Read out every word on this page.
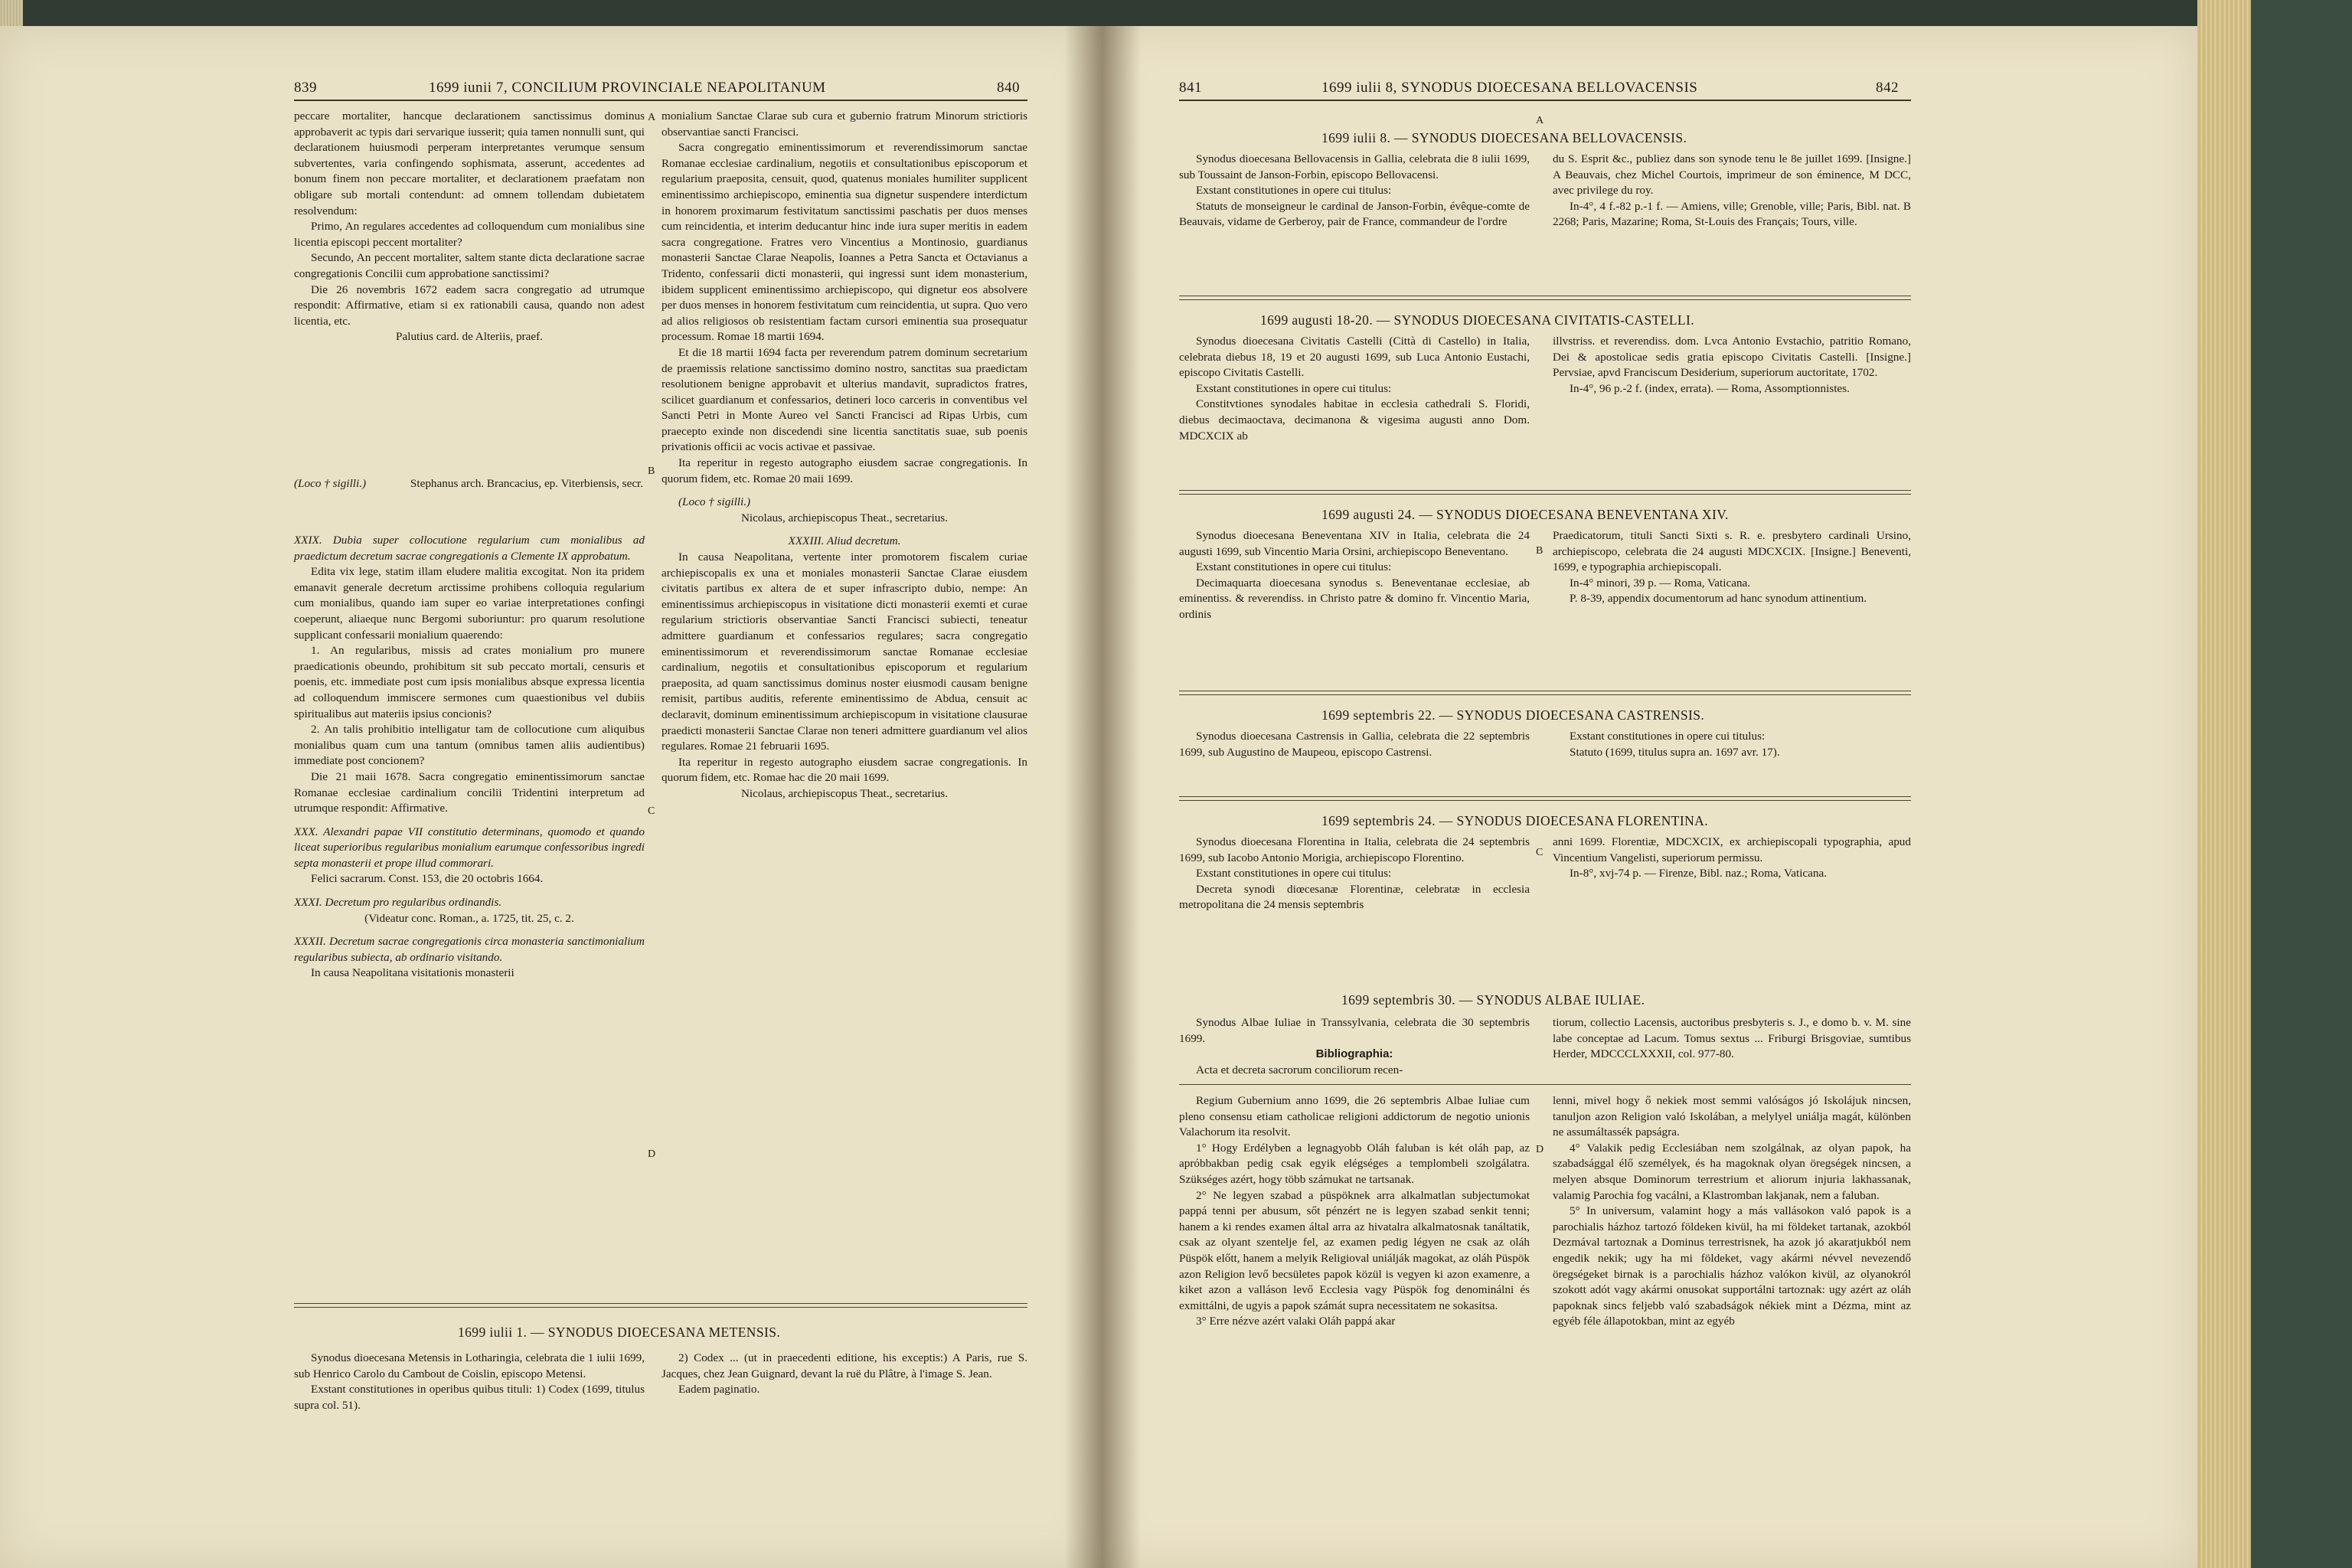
839	1699 iunii 7, CONCILIUM PROVINCIALE NEAPOLITANUM	840

peccare mortaliter, hancque declarationem sanctissimus dominus approbaverit ac typis dari servarique iusserit; quia tamen nonnulli sunt, qui declarationem huiusmodi perperam interpretantes verumque sensum subvertentes, varia confingendo sophismata, asserunt, accedentes ad bonum finem non peccare mortaliter, et declarationem praefatam non obligare sub mortali contendunt: ad omnem tollendam dubietatem resolvendum:

Primo, An regulares accedentes ad colloquendum cum monialibus sine licentia episcopi peccent mortaliter?

Secundo, An peccent mortaliter, saltem stante dicta declaratione sacrae congregationis Concilii cum approbatione sanctissimi?

Die 26 novembris 1672 eadem sacra congregatio ad utrumque respondit: Affirmative, etiam si ex rationabili causa, quando non adest licentia, etc.

Palutius card. de Alteriis, praef.

(Loco † sigilli.)	Stephanus arch. Brancacius, ep. Viterbiensis, secr.

XXIX. Dubia super collocutione regularium cum monialibus ad praedictum decretum sacrae congregationis a Clemente IX approbatum.

Edita vix lege, statim illam eludere malitia excogitat. Non ita pridem emanavit generale decretum arctissime prohibens colloquia regularium cum monialibus, quando iam super eo variae interpretationes confingi coeperunt, aliaeque nunc Bergomi suboriuntur: pro quarum resolutione supplicant confessarii monialium quaerendo:

1. An regularibus, missis ad crates monialium pro munere praedicationis obeundo, prohibitum sit sub peccato mortali, censuris et poenis, etc. immediate post cum ipsis monialibus absque expressa licentia ad colloquendum immiscere sermones cum quaestionibus vel dubiis spiritualibus aut materiis ipsius concionis?

2. An talis prohibitio intelligatur tam de collocutione cum aliquibus monialibus quam cum una tantum (omnibus tamen aliis audientibus) immediate post concionem?

Die 21 maii 1678. Sacra congregatio eminentissimorum sanctae Romanae ecclesiae cardinalium concilii Tridentini interpretum ad utrumque respondit: Affirmative.

XXX. Alexandri papae VII constitutio determinans, quomodo et quando liceat superioribus regularibus monialium earumque confessoribus ingredi septa monasterii et prope illud commorari.

Felici sacrarum. Const. 153, die 20 octobris 1664.

XXXI. Decretum pro regularibus ordinandis.

(Videatur conc. Roman., a. 1725, tit. 25, c. 2.

XXXII. Decretum sacrae congregationis circa monasteria sanctimonialium regularibus subiecta, ab ordinario visitando.

In causa Neapolitana visitationis monasterii

monialium Sanctae Clarae sub cura et gubernio fratrum Minorum strictioris observantiae sancti Francisci.

Sacra congregatio eminentissimorum et reverendissimorum sanctae Romanae ecclesiae cardinalium, negotiis et consultationibus episcoporum et regularium praeposita, censuit, quod, quatenus moniales humiliter supplicent eminentissimo archiepiscopo, eminentia sua dignetur suspendere interdictum in honorem proximarum festivitatum sanctissimi paschatis per duos menses cum reincidentia, et interim deducantur hinc inde iura super meritis in eadem sacra congregatione. Fratres vero Vincentius a Montinosio, guardianus monasterii Sanctae Clarae Neapolis, Ioannes a Petra Sancta et Octavianus a Tridento, confessarii dicti monasterii, qui ingressi sunt idem monasterium, ibidem supplicent eminentissimo archiepiscopo, qui dignetur eos absolvere per duos menses in honorem festivitatum cum reincidentia, ut supra. Quo vero ad alios religiosos ob resistentiam factam cursori eminentia sua prosequatur processum. Romae 18 martii 1694.

Et die 18 martii 1694 facta per reverendum patrem dominum secretarium de praemissis relatione sanctissimo domino nostro, sanctitas sua praedictam resolutionem benigne approbavit et ulterius mandavit, supradictos fratres, scilicet guardianum et confessarios, detineri loco carceris in conventibus vel Sancti Petri in Monte Aureo vel Sancti Francisci ad Ripas Urbis, cum praecepto exinde non discedendi sine licentia sanctitatis suae, sub poenis privationis officii ac vocis activae et passivae.

Ita reperitur in regesto autographo eiusdem sacrae congregationis. In quorum fidem, etc. Romae 20 maii 1699.

(Loco † sigilli.)

Nicolaus, archiepiscopus Theat., secretarius.

XXXIII. Aliud decretum.

In causa Neapolitana, vertente inter promotorem fiscalem curiae archiepiscopalis ex una et moniales monasterii Sanctae Clarae eiusdem civitatis partibus ex altera de et super infrascripto dubio, nempe: An eminentissimus archiepiscopus in visitatione dicti monasterii exemti et curae regularium strictioris observantiae Sancti Francisci subiecti, teneatur admittere guardianum et confessarios regulares; sacra congregatio eminentissimorum et reverendissimorum sanctae Romanae ecclesiae cardinalium, negotiis et consultationibus episcoporum et regularium praeposita, ad quam sanctissimus dominus noster eiusmodi causam benigne remisit, partibus auditis, referente eminentissimo de Abdua, censuit ac declaravit, dominum eminentissimum archiepiscopum in visitatione clausurae praedicti monasterii Sanctae Clarae non teneri admittere guardianum vel alios regulares. Romae 21 februarii 1695.

Ita reperitur in regesto autographo eiusdem sacrae congregationis. In quorum fidem, etc. Romae hac die 20 maii 1699.

Nicolaus, archiepiscopus Theat., secretarius.

A
B
C
D
1699 iulii 1. — SYNODUS DIOECESANA METENSIS.

Synodus dioecesana Metensis in Lotharingia, celebrata die 1 iulii 1699, sub Henrico Carolo du Cambout de Coislin, episcopo Metensi.

Exstant constitutiones in operibus quibus tituli: 1) Codex (1699, titulus supra col. 51).

2) Codex ... (ut in praecedenti editione, his exceptis:) A Paris, rue S. Jacques, chez Jean Guignard, devant la ruë du Plâtre, à l'image S. Jean.

Eadem paginatio.

841	1699 iulii 8, SYNODUS DIOECESANA BELLOVACENSIS	842
1699 iulii 8. — SYNODUS DIOECESANA BELLOVACENSIS.

Synodus dioecesana Bellovacensis in Gallia, celebrata die 8 iulii 1699, sub Toussaint de Janson-Forbin, episcopo Bellovacensi.

Exstant constitutiones in opere cui titulus:

Statuts de monseigneur le cardinal de Janson-Forbin, évêque-comte de Beauvais, vidame de Gerberoy, pair de France, commandeur de l'ordre

du S. Esprit &c., publiez dans son synode tenu le 8e juillet 1699. [Insigne.] A Beauvais, chez Michel Courtois, imprimeur de son éminence, M DCC, avec privilege du roy.

In-4°, 4 f.-82 p.-1 f. — Amiens, ville; Grenoble, ville; Paris, Bibl. nat. B 2268; Paris, Mazarine; Roma, St-Louis des Français; Tours, ville.

1699 augusti 18-20. — SYNODUS DIOECESANA CIVITATIS-CASTELLI.

Synodus dioecesana Civitatis Castelli (Città di Castello) in Italia, celebrata diebus 18, 19 et 20 augusti 1699, sub Luca Antonio Eustachi, episcopo Civitatis Castelli.

Exstant constitutiones in opere cui titulus:

Constitvtiones synodales habitae in ecclesia cathedrali S. Floridi, diebus decimaoctava, decimanona & vigesima augusti anno Dom. MDCXCIX ab

illvstriss. et reverendiss. dom. Lvca Antonio Evstachio, patritio Romano, Dei & apostolicae sedis gratia episcopo Civitatis Castelli. [Insigne.] Pervsiae, apvd Franciscum Desiderium, superiorum auctoritate, 1702.

In-4°, 96 p.-2 f. (index, errata). — Roma, Assomptionnistes.

1699 augusti 24. — SYNODUS DIOECESANA BENEVENTANA XIV.

Synodus dioecesana Beneventana XIV in Italia, celebrata die 24 augusti 1699, sub Vincentio Maria Orsini, archiepiscopo Beneventano.

Exstant constitutiones in opere cui titulus:

Decimaquarta dioecesana synodus s. Beneventanae ecclesiae, ab eminentiss. & reverendiss. in Christo patre & domino fr. Vincentio Maria, ordinis

Praedicatorum, tituli Sancti Sixti s. R. e. presbytero cardinali Ursino, archiepiscopo, celebrata die 24 augusti MDCXCIX. [Insigne.] Beneventi, 1699, e typographia archiepiscopali.

In-4° minori, 39 p. — Roma, Vaticana.

P. 8-39, appendix documentorum ad hanc synodum attinentium.

1699 septembris 22. — SYNODUS DIOECESANA CASTRENSIS.

Synodus dioecesana Castrensis in Gallia, celebrata die 22 septembris 1699, sub Augustino de Maupeou, episcopo Castrensi.

Exstant constitutiones in opere cui titulus:

Statuto (1699, titulus supra an. 1697 avr. 17).

1699 septembris 24. — SYNODUS DIOECESANA FLORENTINA.

Synodus dioecesana Florentina in Italia, celebrata die 24 septembris 1699, sub Iacobo Antonio Morigia, archiepiscopo Florentino.

Exstant constitutiones in opere cui titulus:

Decreta synodi diœcesanæ Florentinæ, celebratæ in ecclesia metropolitana die 24 mensis septembris

anni 1699. Florentiæ, MDCXCIX, ex archiepiscopali typographia, apud Vincentium Vangelisti, superiorum permissu.

In-8°, xvj-74 p. — Firenze, Bibl. naz.; Roma, Vaticana.

1699 septembris 30. — SYNODUS ALBAE IULIAE.

Synodus Albae Iuliae in Transsylvania, celebrata die 30 septembris 1699.

Bibliographia:

Acta et decreta sacrorum conciliorum recen-

tiorum, collectio Lacensis, auctoribus presbyteris s. J., e domo b. v. M. sine labe conceptae ad Lacum. Tomus sextus ... Friburgi Brisgoviae, sumtibus Herder, MDCCCLXXXII, col. 977-80.

Regium Gubernium anno 1699, die 26 septembris Albae Iuliae cum pleno consensu etiam catholicae religioni addictorum de negotio unionis Valachorum ita resolvit.

1° Hogy Erdélyben a legnagyobb Oláh faluban is két oláh pap, az apróbbakban pedig csak egyik elégséges a templombeli szolgálatra. Szükséges azért, hogy több számukat ne tartsanak.

2° Ne legyen szabad a püspöknek arra alkalmatlan subjectumokat pappá tenni per abusum, sőt pénzért ne is legyen szabad senkit tenni; hanem a ki rendes examen által arra az hivatalra alkalmatosnak tanáltatik, csak az olyant szentelje fel, az examen pedig légyen ne csak az oláh Püspök előtt, hanem a melyik Religioval uniálják magokat, az oláh Püspök azon Religion levő becsületes papok közül is vegyen ki azon examenre, a kiket azon a valláson levő Ecclesia vagy Püspök fog denominálni és exmittálni, de ugyis a papok számát supra necessitatem ne sokasitsa.

3° Erre nézve azért valaki Oláh pappá akar

lenni, mivel hogy ő nekiek most semmi valóságos jó Iskolájuk nincsen, tanuljon azon Religion való Iskolában, a melylyel uniálja magát, különben ne assumáltassék papságra.

4° Valakik pedig Ecclesiában nem szolgálnak, az olyan papok, ha szabadsággal élő személyek, és ha magoknak olyan öregségek nincsen, a melyen absque Dominorum terrestrium et aliorum injuria lakhassanak, valamig Parochia fog vacálni, a Klastromban lakjanak, nem a faluban.

5° In universum, valamint hogy a más vallásokon való papok is a parochialis házhoz tartozó földeken kivül, ha mi földeket tartanak, azokból Dezmával tartoznak a Dominus terrestrisnek, ha azok jó akaratjukból nem engedik nekik; ugy ha mi földeket, vagy akármi névvel nevezendő öregségeket birnak is a parochialis házhoz valókon kivül, az olyanokról szokott adót vagy akármi onusokat supportálni tartoznak: ugy azért az oláh papoknak sincs feljebb való szabadságok nékiek mint a Dézma, mint az egyéb féle állapotokban, mint az egyéb

A
B
C
D
